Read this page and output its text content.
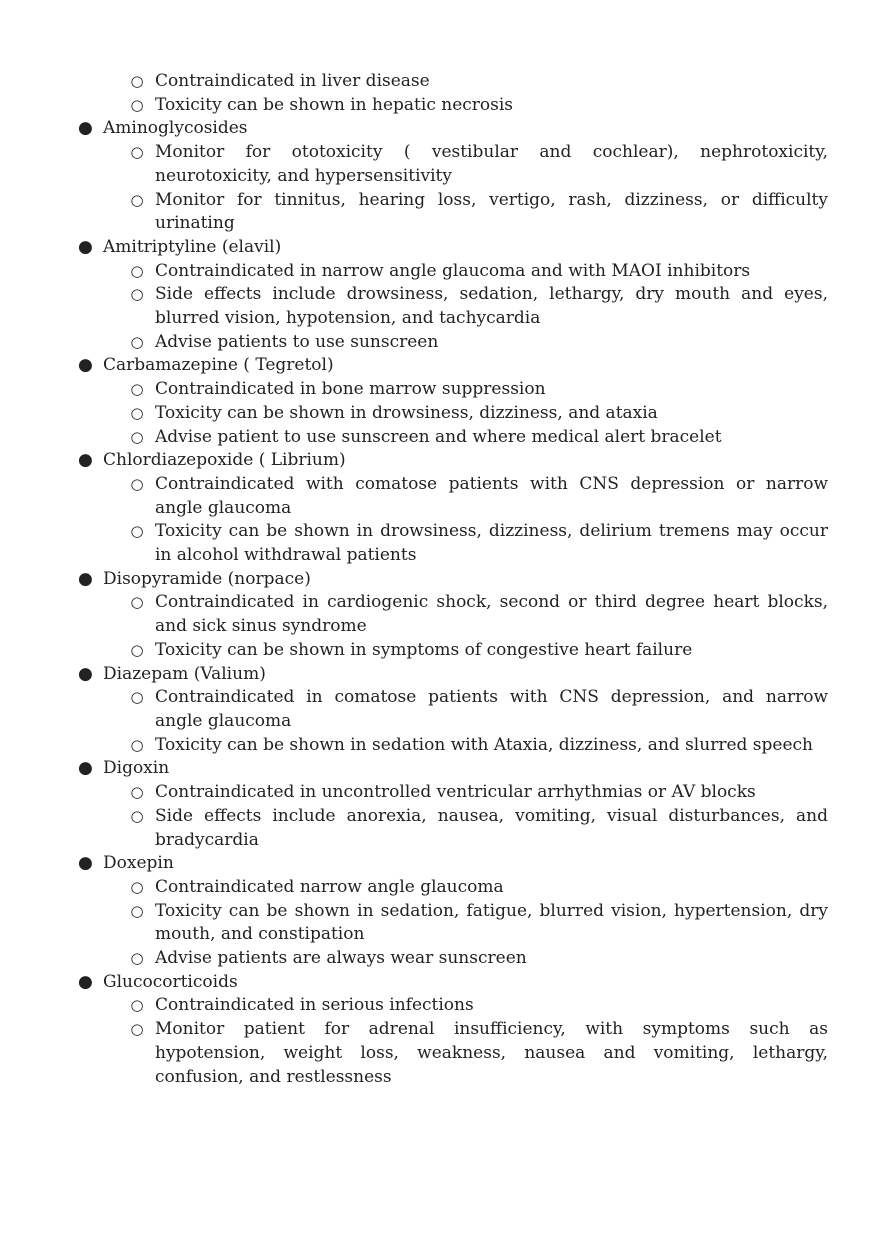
○ Contraindicated in liver disease
○ Toxicity can be shown in hepatic necrosis
● Aminoglycosides
○ Monitor for ototoxicity ( vestibular and cochlear), nephrotoxicity, neurotoxicity, and hypersensitivity
○ Monitor for tinnitus, hearing loss, vertigo, rash, dizziness, or difficulty urinating
● Amitriptyline (elavil)
○ Contraindicated in narrow angle glaucoma and with MAOI inhibitors
○ Side effects include drowsiness, sedation, lethargy, dry mouth and eyes, blurred vision, hypotension, and tachycardia
○ Advise patients to use sunscreen
● Carbamazepine ( Tegretol)
○ Contraindicated in bone marrow suppression
○ Toxicity can be shown in drowsiness, dizziness, and ataxia
○ Advise patient to use sunscreen and where medical alert bracelet
● Chlordiazepoxide ( Librium)
○ Contraindicated with comatose patients with CNS depression or narrow angle glaucoma
○ Toxicity can be shown in drowsiness, dizziness, delirium tremens may occur in alcohol withdrawal patients
● Disopyramide (norpace)
○ Contraindicated in cardiogenic shock, second or third degree heart blocks, and sick sinus syndrome
○ Toxicity can be shown in symptoms of congestive heart failure
● Diazepam (Valium)
○ Contraindicated in comatose patients with CNS depression, and narrow angle glaucoma
○ Toxicity can be shown in sedation with Ataxia, dizziness, and slurred speech
● Digoxin
○ Contraindicated in uncontrolled ventricular arrhythmias or AV blocks
○ Side effects include anorexia, nausea, vomiting, visual disturbances, and bradycardia
● Doxepin
○ Contraindicated narrow angle glaucoma
○ Toxicity can be shown in sedation, fatigue, blurred vision, hypertension, dry mouth, and constipation
○ Advise patients are always wear sunscreen
● Glucocorticoids
○ Contraindicated in serious infections
○ Monitor patient for adrenal insufficiency, with symptoms such as hypotension, weight loss, weakness, nausea and vomiting, lethargy, confusion, and restlessness
